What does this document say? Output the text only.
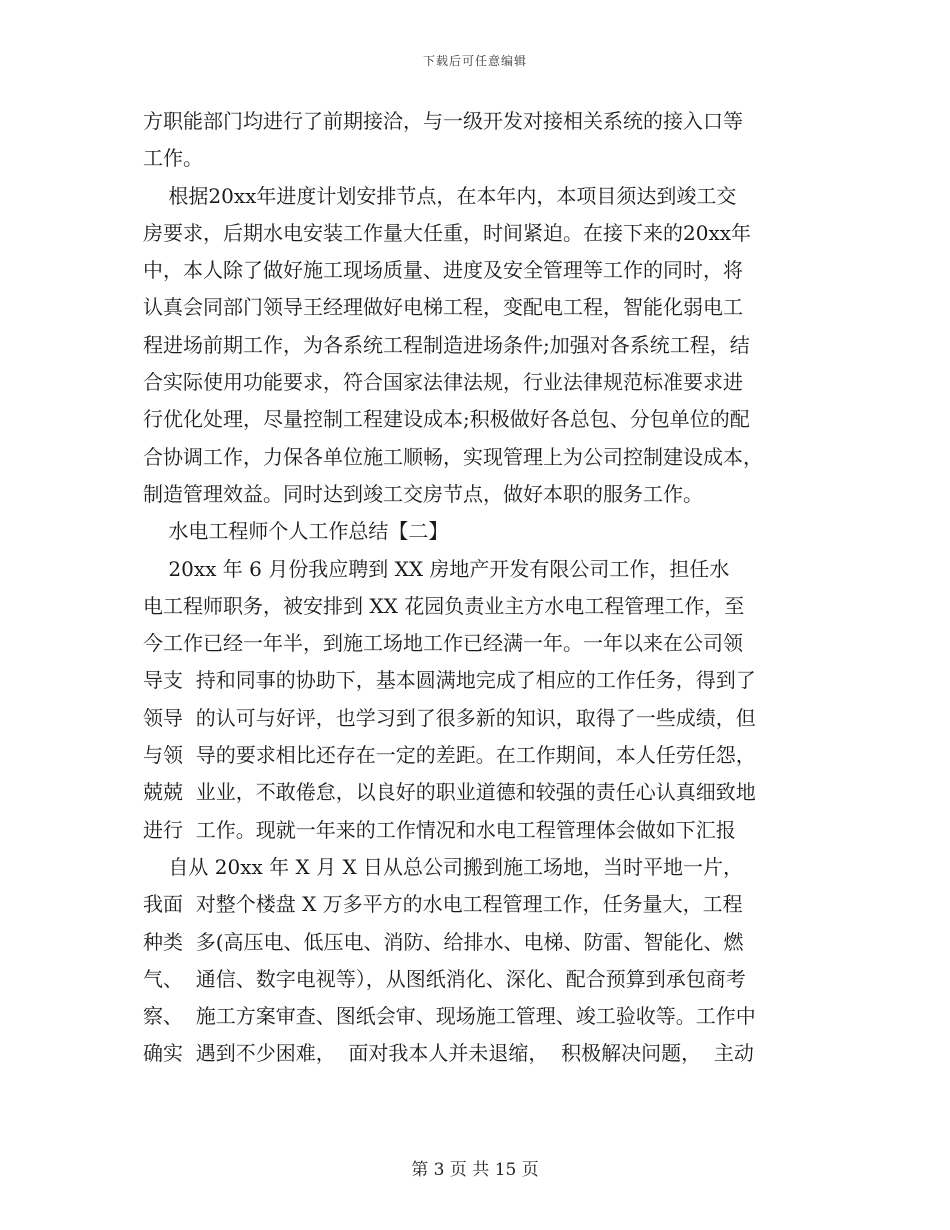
下载后可任意编辑
方职能部门均进行了前期接洽，与一级开发对接相关系统的接入口等
工作。
根据20xx年进度计划安排节点，在本年内，本项目须达到竣工交
房要求，后期水电安装工作量大任重，时间紧迫。在接下来的20xx年
中，本人除了做好施工现场质量、进度及安全管理等工作的同时，将
认真会同部门领导王经理做好电梯工程，变配电工程，智能化弱电工
程进场前期工作，为各系统工程制造进场条件;加强对各系统工程，结
合实际使用功能要求，符合国家法律法规，行业法律规范标准要求进
行优化处理，尽量控制工程建设成本;积极做好各总包、分包单位的配
合协调工作，力保各单位施工顺畅，实现管理上为公司控制建设成本，
制造管理效益。同时达到竣工交房节点，做好本职的服务工作。
水电工程师个人工作总结【二】
20xx 年 6 月份我应聘到 XX 房地产开发有限公司工作，担任水
电工程师职务，被安排到 XX 花园负责业主方水电工程管理工作，至
今工作已经一年半，到施工场地工作已经满一年。一年以来在公司领
导支  持和同事的协助下，基本圆满地完成了相应的工作任务，得到了
领导  的认可与好评，也学习到了很多新的知识，取得了一些成绩，但
与领  导的要求相比还存在一定的差距。在工作期间，本人任劳任怨，
兢兢  业业，不敢倦怠，以良好的职业道德和较强的责任心认真细致地
进行  工作。现就一年来的工作情况和水电工程管理体会做如下汇报
自从 20xx 年 X 月 X 日从总公司搬到施工场地，当时平地一片，
我面  对整个楼盘 X 万多平方的水电工程管理工作，任务量大，工程
种类  多(高压电、低压电、消防、给排水、电梯、防雷、智能化、燃
气、  通信、数字电视等），从图纸消化、深化、配合预算到承包商考
察、  施工方案审查、图纸会审、现场施工管理、竣工验收等。工作中
确实  遇到不少困难，  面对我本人并未退缩，  积极解决问题，  主动
第 3 页 共 15 页
